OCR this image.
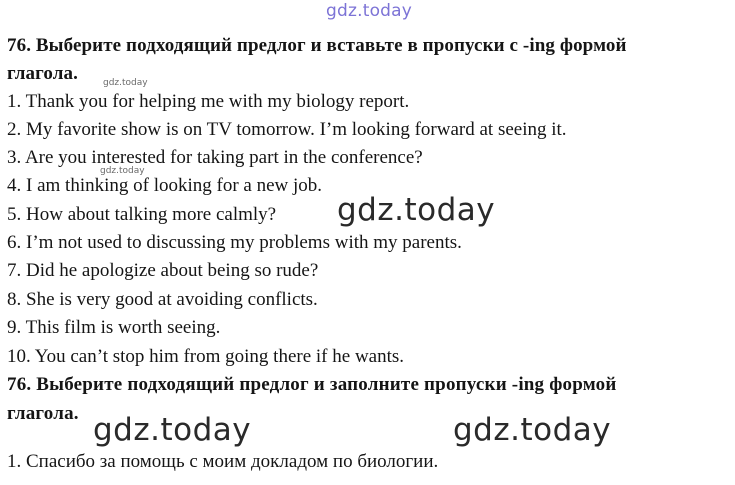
gdz.today
76. Выберите подходящий предлог и вставьте в пропуски с -ing формой
глагола.	gdz.today
1. Thank you for helping me with my biology report.
2. My favorite show is on TV tomorrow. I’m looking forward at seeing it.
3. Are you interested for taking part in the conference?
gdz.today
4. I am thinking of looking for a new job.
5. How about talking more calmly? gdz.today
6. I’m not used to discussing my problems with my parents.
7. Did he apologize about being so rude?
8. She is very good at avoiding conflicts.
9. This film is worth seeing.
10. You can’t stop him from going there if he wants.
76. Выберите подходящий предлог и заполните пропуски -ing формой
глагола. gdz.today	gdz.today
1. Спасибо за помощь с моим докладом по биологии.
